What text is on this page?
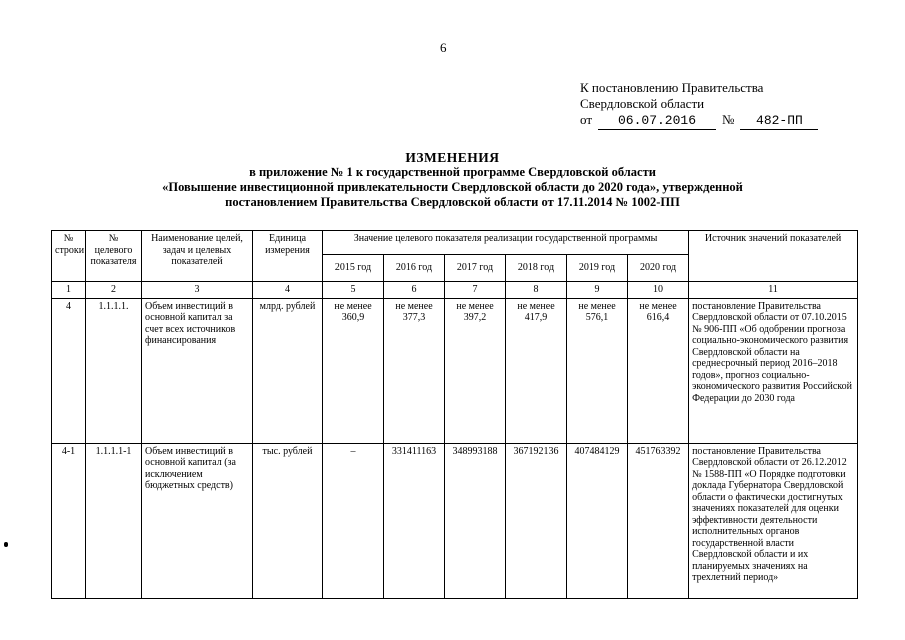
6
К постановлению Правительства
Свердловской области
от	06.07.2016	№	482-ПП
ИЗМЕНЕНИЯ
в приложение № 1 к государственной программе Свердловской области
«Повышение инвестиционной привлекательности Свердловской области до 2020 года», утвержденной
постановлением Правительства Свердловской области от 17.11.2014 № 1002-ПП
№ строки	№ целевого показателя	Наименование целей, задач и целевых показателей	Единица измерения	Значение целевого показателя реализации государственной программы						Источник значений показателей
				2015 год	2016 год	2017 год	2018 год	2019 год	2020 год	
1	2	3	4	5	6	7	8	9	10	11
4	1.1.1.1.	Объем инвестиций в основной капитал за счет всех источников финансирования	млрд. рублей	не менее 360,9	не менее 377,3	не менее 397,2	не менее 417,9	не менее 576,1	не менее 616,4	постановление Правительства Свердловской области от 07.10.2015 № 906-ПП «Об одобрении прогноза социально-экономического развития Свердловской области на среднесрочный период 2016–2018 годов», прогноз социально-экономического развития Российской Федерации до 2030 года
4-1	1.1.1.1-1	Объем инвестиций в основной капитал (за исключением бюджетных средств)	тыс. рублей	–	331411163	348993188	367192136	407484129	451763392	постановление Правительства Свердловской области от 26.12.2012 № 1588-ПП «О Порядке подготовки доклада Губернатора Свердловской области о фактически достигнутых значениях показателей для оценки эффективности деятельности исполнительных органов государственной власти Свердловской области и их планируемых значениях на трехлетний период»
